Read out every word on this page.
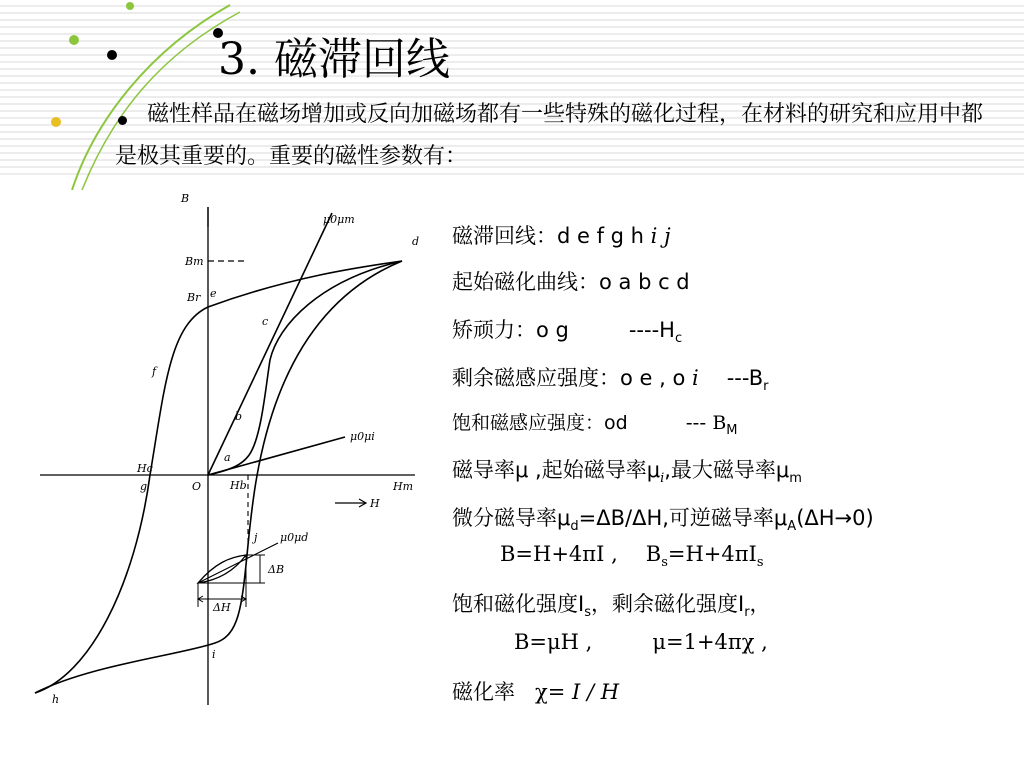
3. 磁滞回线
磁性样品在磁场增加或反向加磁场都有一些特殊的磁化过程，在材料的研究和应用中都是极其重要的。重要的磁性参数有：
B
H
Bm
Br
Hc
Hm
Hb
μ0μm
μ0μi
μ0μd
ΔB
ΔH
d
e
c
f
b
a
g	O
j
i
h
磁滞回线：d e f g h i j
起始磁化曲线：o a b c d
矫顽力：o g	$----H_c$
剩余磁感应强度：o e , o i $---B_r$
饱和磁感应强度：od	--- $B_M$
磁导率μ ,起始磁导率$\mu_i$,最大磁导率$\mu_m$
微分磁导率$\mu_d=\Delta B/\Delta H$,可逆磁导率$\mu_A(\Delta H\to 0)$
B=H+4πI , $B_s=H+4\pi I_s$
饱和磁化强度$I_s$，剩余磁化强度$I_r$，
B=μH ,	μ=1+4πχ ,
磁化率 χ= I / H
